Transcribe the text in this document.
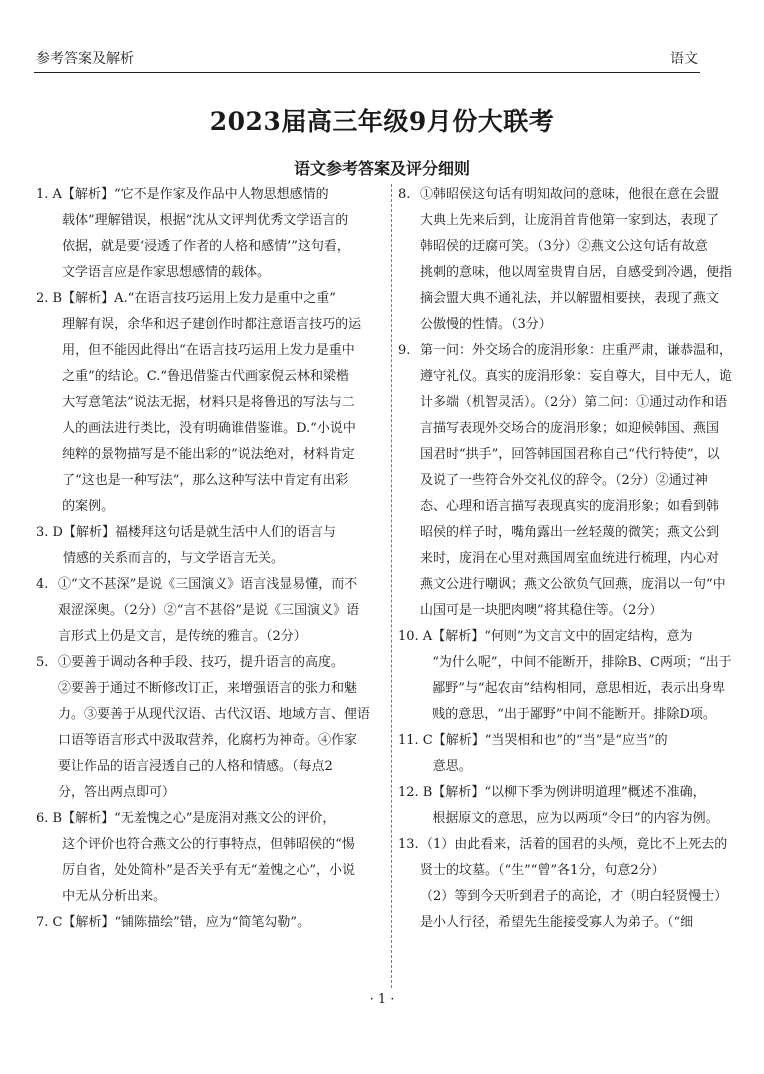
参考答案及解析	语文
2023届高三年级9月份大联考
语文参考答案及评分细则
1. A 【解析】“它不是作家及作品中人物思想感情的
载体”理解错误，根据“沈从文评判优秀文学语言的
依据，就是要‘浸透了作者的人格和感情’”这句看，
文学语言应是作家思想感情的载体。
2. B 【解析】A.“在语言技巧运用上发力是重中之重”
理解有误，余华和迟子建创作时都注意语言技巧的运
用，但不能因此得出“在语言技巧运用上发力是重中
之重”的结论。C.“鲁迅借鉴古代画家倪云林和梁楷
大写意笔法”说法无据，材料只是将鲁迅的写法与二
人的画法进行类比，没有明确谁借鉴谁。D.“小说中
纯粹的景物描写是不能出彩的”说法绝对，材料肯定
了“这也是一种写法”，那么这种写法中肯定有出彩
的案例。
3. D 【解析】福楼拜这句话是就生活中人们的语言与
情感的关系而言的，与文学语言无关。
4. ①“文不甚深”是说《三国演义》语言浅显易懂，而不
艰涩深奥。（2分）②“言不甚俗”是说《三国演义》语
言形式上仍是文言，是传统的雅言。（2分）
5. ①要善于调动各种手段、技巧，提升语言的高度。
②要善于通过不断修改订正，来增强语言的张力和魅
力。③要善于从现代汉语、古代汉语、地域方言、俚语
口语等语言形式中汲取营养，化腐朽为神奇。④作家
要让作品的语言浸透自己的人格和情感。（每点2
分，答出两点即可）
6. B 【解析】“无羞愧之心”是庞涓对燕文公的评价，
这个评价也符合燕文公的行事特点，但韩昭侯的“惕
厉自省，处处简朴”是否关乎有无“羞愧之心”，小说
中无从分析出来。
7. C 【解析】“铺陈描绘”错，应为“简笔勾勒”。
8. ①韩昭侯这句话有明知故问的意味，他很在意在会盟
大典上先来后到，让庞涓首肯他第一家到达，表现了
韩昭侯的迂腐可笑。（3分）②燕文公这句话有故意
挑刺的意味，他以周室贵胄自居，自感受到冷遇，便指
摘会盟大典不通礼法，并以解盟相要挟，表现了燕文
公傲慢的性情。（3分）
9. 第一问：外交场合的庞涓形象：庄重严肃，谦恭温和，
遵守礼仪。真实的庞涓形象：妄自尊大，目中无人，诡
计多端（机智灵活）。（2分）第二问：①通过动作和语
言描写表现外交场合的庞涓形象；如迎候韩国、燕国
国君时“拱手”，回答韩国国君称自己“代行特使”，以
及说了一些符合外交礼仪的辞令。（2分）②通过神
态、心理和语言描写表现真实的庞涓形象；如看到韩
昭侯的样子时，嘴角露出一丝轻蔑的微笑；燕文公到
来时，庞涓在心里对燕国周室血统进行梳理，内心对
燕文公进行嘲讽；燕文公欲负气回燕，庞涓以一句“中
山国可是一块肥肉噢”将其稳住等。（2分）
10. A 【解析】“何则”为文言文中的固定结构，意为
“为什么呢”，中间不能断开，排除B、C两项；“出于
鄙野”与“起农亩”结构相同，意思相近，表示出身卑
贱的意思，“出于鄙野”中间不能断开。排除D项。
11. C 【解析】“当哭相和也”的“当”是“应当”的
意思。
12. B 【解析】“以柳下季为例讲明道理”概述不准确，
根据原文的意思，应为以两项“令曰”的内容为例。
13. （1）由此看来，活着的国君的头颅，竟比不上死去的
贤士的坟墓。（“生”“曾”各1分，句意2分）
（2）等到今天听到君子的高论，才（明白轻贤慢士）
是小人行径，希望先生能接受寡人为弟子。（“细
· 1 ·
